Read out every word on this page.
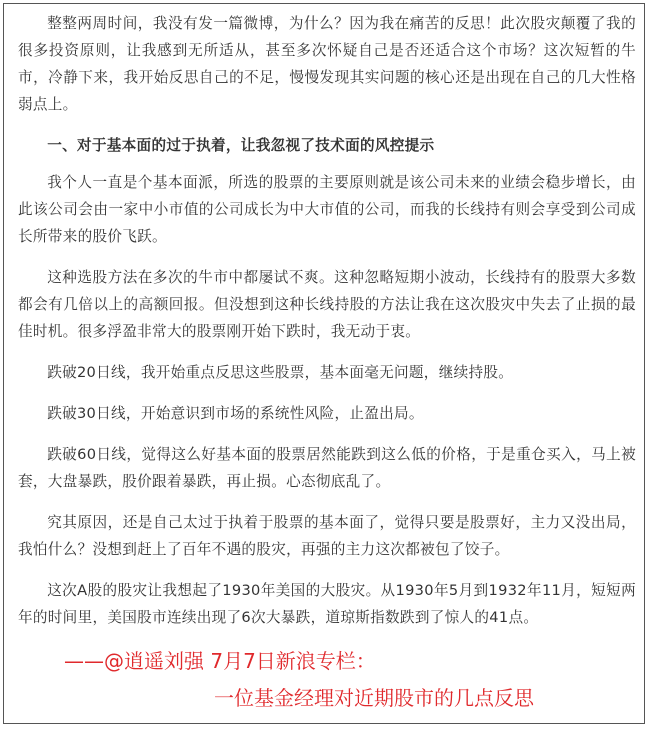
整整两周时间，我没有发一篇微博，为什么？因为我在痛苦的反思！此次股灾颠覆了我的很多投资原则，让我感到无所适从，甚至多次怀疑自己是否还适合这个市场？这次短暂的牛市，冷静下来，我开始反思自己的不足，慢慢发现其实问题的核心还是出现在自己的几大性格弱点上。

一、对于基本面的过于执着，让我忽视了技术面的风控提示

我个人一直是个基本面派，所选的股票的主要原则就是该公司未来的业绩会稳步增长，由此该公司会由一家中小市值的公司成长为中大市值的公司，而我的长线持有则会享受到公司成长所带来的股价飞跃。

这种选股方法在多次的牛市中都屡试不爽。这种忽略短期小波动，长线持有的股票大多数都会有几倍以上的高额回报。但没想到这种长线持股的方法让我在这次股灾中失去了止损的最佳时机。很多浮盈非常大的股票刚开始下跌时，我无动于衷。

跌破20日线，我开始重点反思这些股票，基本面毫无问题，继续持股。

跌破30日线，开始意识到市场的系统性风险，止盈出局。

跌破60日线，觉得这么好基本面的股票居然能跌到这么低的价格，于是重仓买入，马上被套，大盘暴跌，股价跟着暴跌，再止损。心态彻底乱了。

究其原因，还是自己太过于执着于股票的基本面了，觉得只要是股票好，主力又没出局，我怕什么？没想到赶上了百年不遇的股灾，再强的主力这次都被包了饺子。

这次A股的股灾让我想起了1930年美国的大股灾。从1930年5月到1932年11月，短短两年的时间里，美国股市连续出现了6次大暴跌，道琼斯指数跌到了惊人的41点。

——@逍遥刘强 7月7日新浪专栏：
一位基金经理对近期股市的几点反思
